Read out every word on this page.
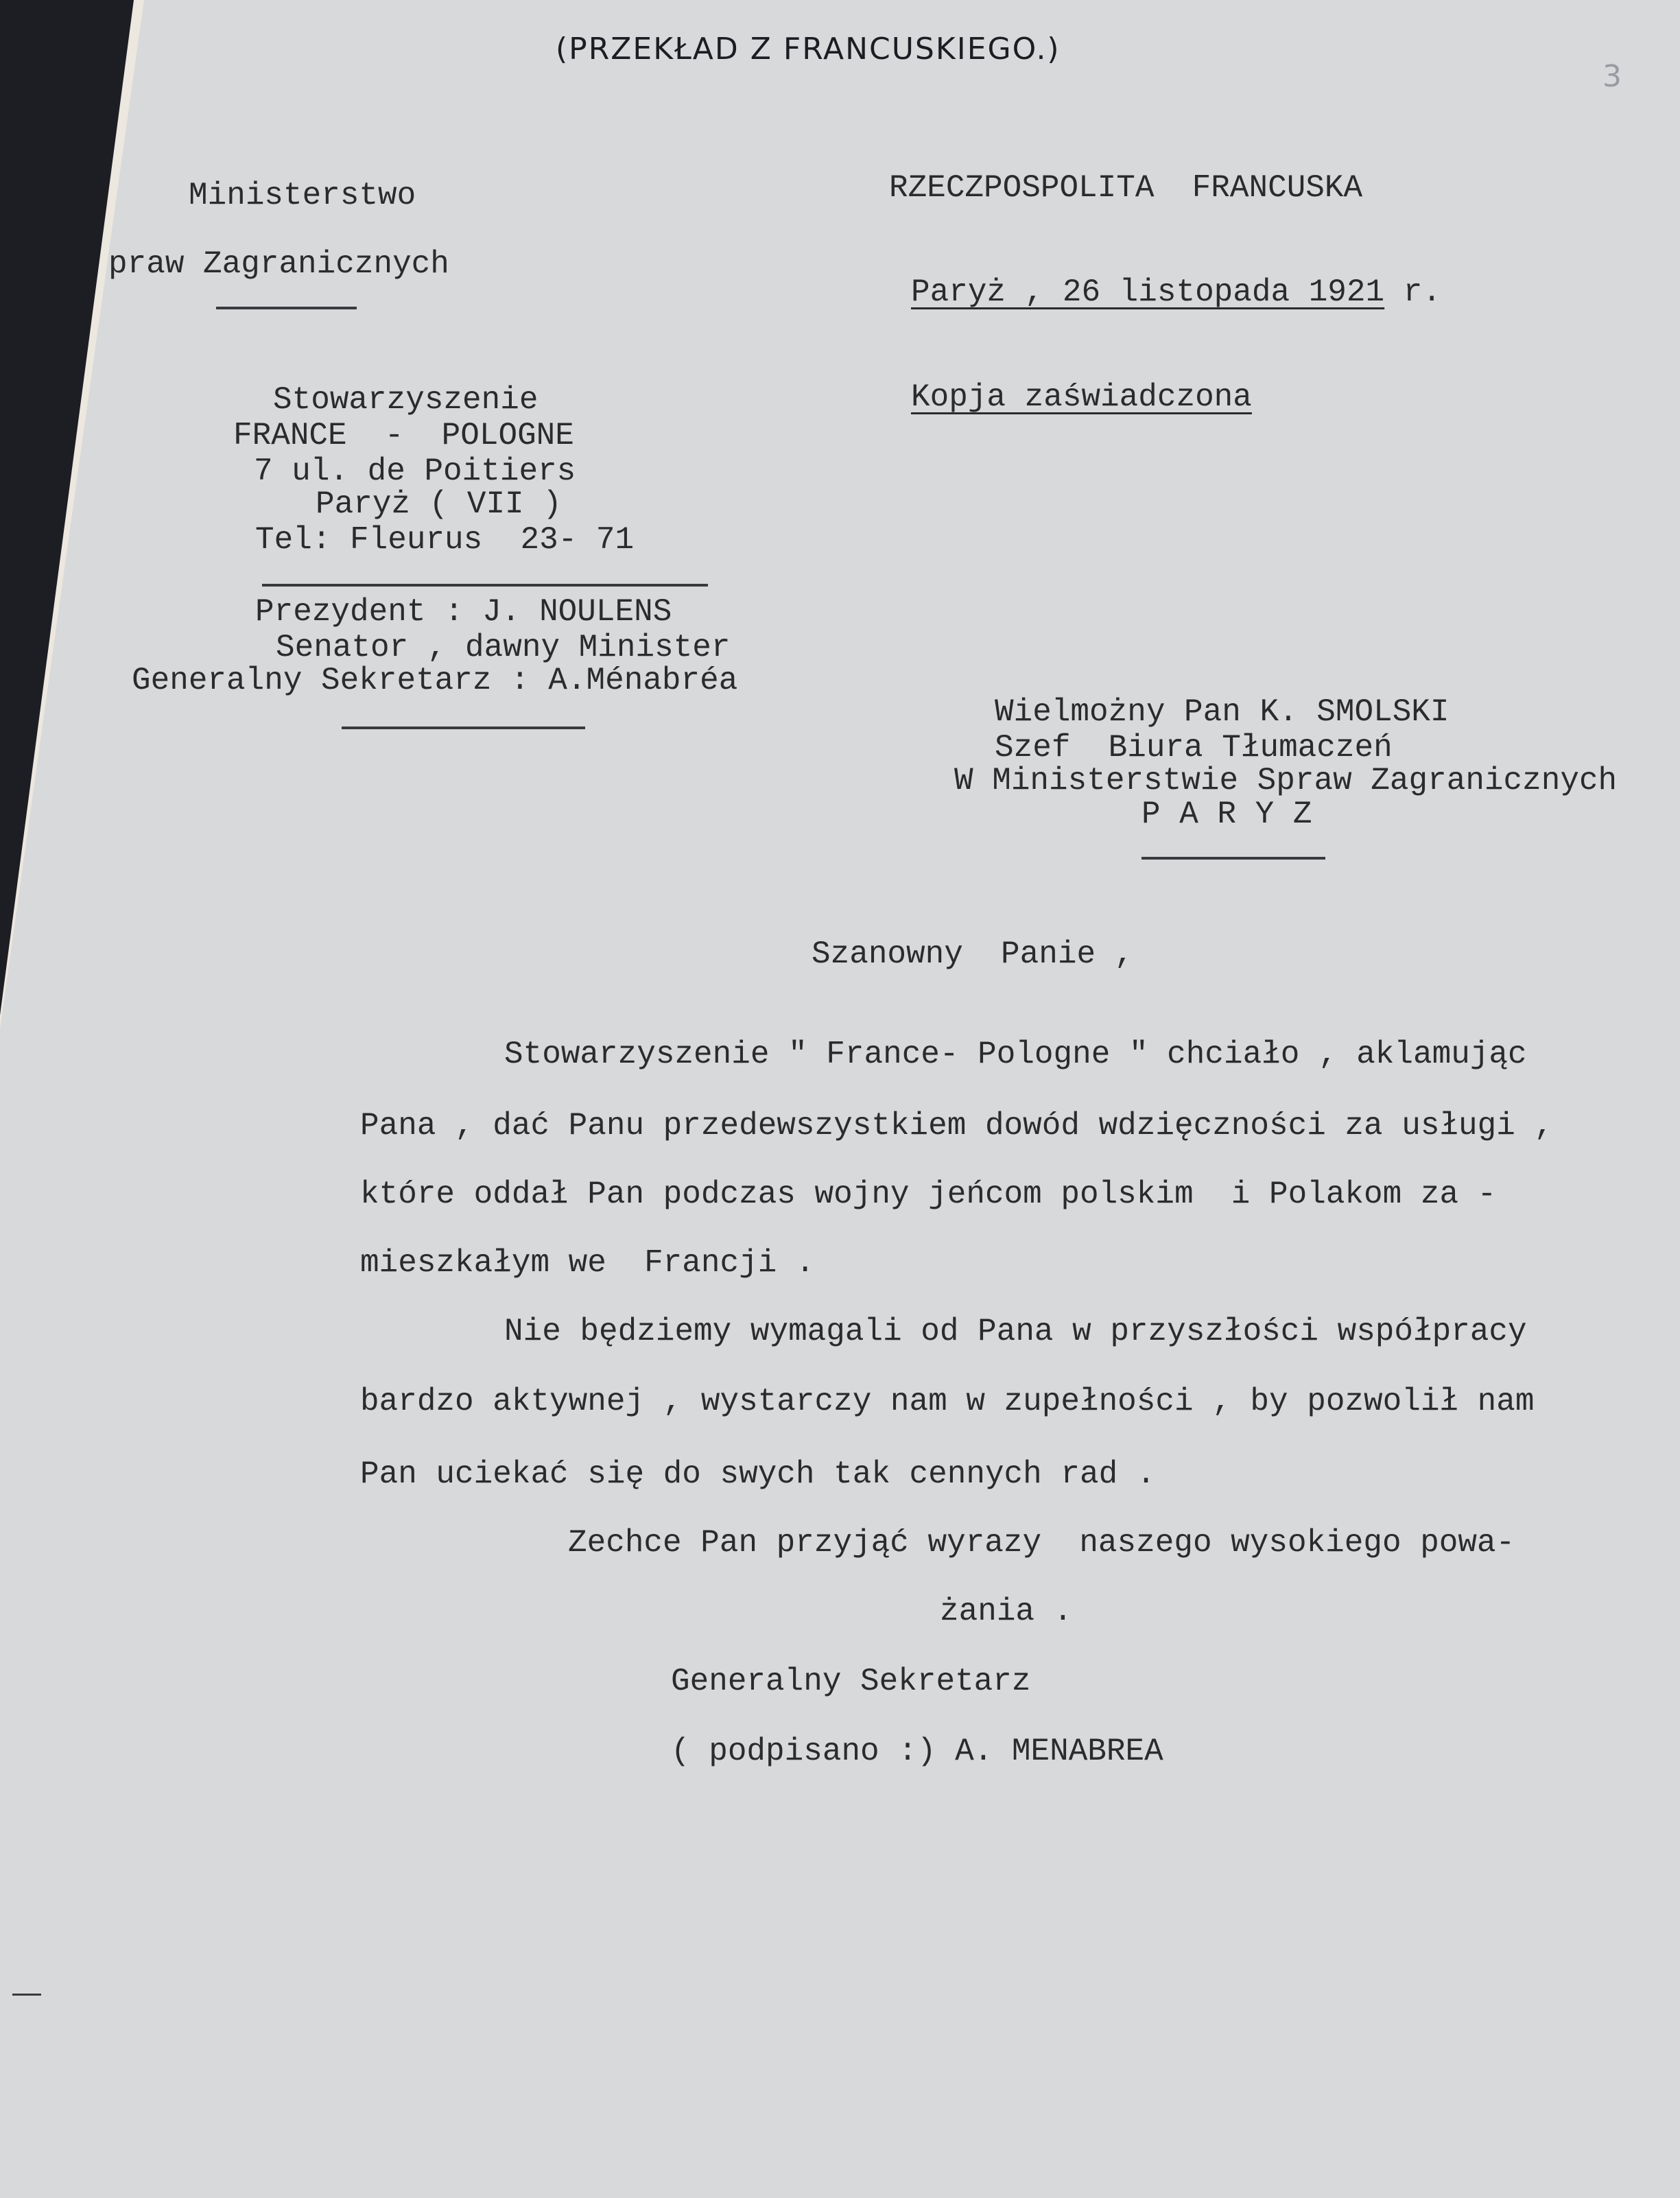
(PRZEKŁAD Z FRANCUSKIEGO.)
3
Ministerstwo
praw Zagranicznych
Stowarzyszenie
FRANCE  -  POLOGNE
7 ul. de Poitiers
Paryż ( VII )
Tel: Fleurus  23- 71
Prezydent : J. NOULENS
Senator , dawny Minister
Generalny Sekretarz : A.Ménabréa
RZECZPOSPOLITA  FRANCUSKA
Paryż , 26 listopada 1921 r.
Kopja zaświadczona
Wielmożny Pan K. SMOLSKI
Szef  Biura Tłumaczeń
W Ministerstwie Spraw Zagranicznych
P A R Y Z
Szanowny  Panie ,
Stowarzyszenie " France- Pologne " chciało , aklamując
Pana , dać Panu przedewszystkiem dowód wdzięczności za usługi ,
które oddał Pan podczas wojny jeńcom polskim  i Polakom za -
mieszkałym we  Francji .
Nie będziemy wymagali od Pana w przyszłości współpracy
bardzo aktywnej , wystarczy nam w zupełności , by pozwolił nam
Pan uciekać się do swych tak cennych rad .
Zechce Pan przyjąć wyrazy  naszego wysokiego powa-
żania .
Generalny Sekretarz
( podpisano :) A. MENABREA
